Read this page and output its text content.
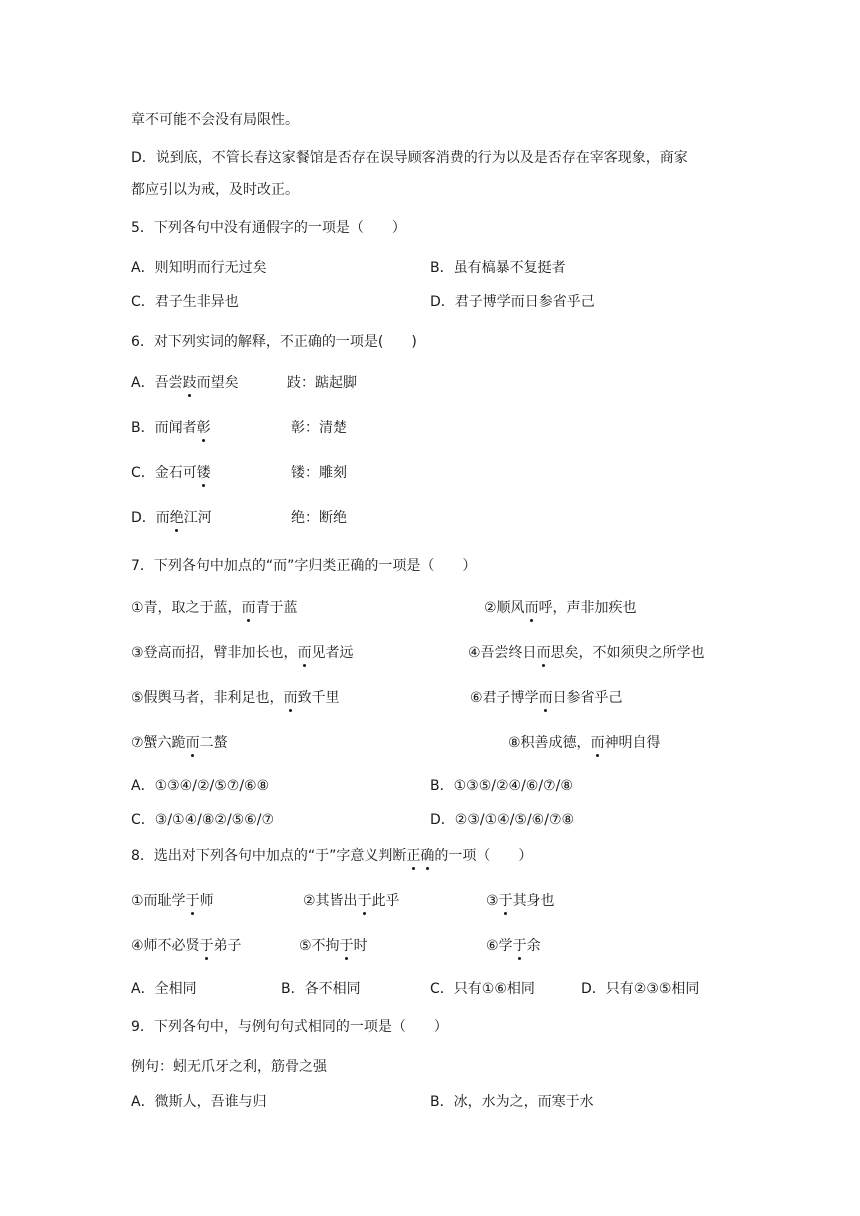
章不可能不会没有局限性。
D．说到底，不管长春这家餐馆是否存在误导顾客消费的行为以及是否存在宰客现象，商家
都应引以为戒，及时改正。
5．下列各句中没有通假字的一项是（　　）
A．则知明而行无过矣	B．虽有槁暴不复挺者
C．君子生非异也	D．君子博学而日参省乎己
6．对下列实词的解释，不正确的一项是(　　)
A．吾尝跂而望矣	跂：踮起脚
B．而闻者彰	彰：清楚
C．金石可镂	镂：雕刻
D．而绝江河	绝：断绝
7．下列各句中加点的“而”字归类正确的一项是（　　）
①青，取之于蓝，而青于蓝	②顺风而呼，声非加疾也
③登高而招，臂非加长也，而见者远	④吾尝终日而思矣，不如须臾之所学也
⑤假舆马者，非利足也，而致千里	⑥君子博学而日参省乎己
⑦蟹六跪而二螯	⑧积善成德，而神明自得
A．①③④/②/⑤⑦/⑥⑧	B．①③⑤/②④/⑥/⑦/⑧
C．③/①④/⑧②/⑤⑥/⑦	D．②③/①④/⑤/⑥/⑦⑧
8．选出对下列各句中加点的“于”字意义判断正确的一项（　　）
①而耻学于师	②其皆出于此乎	③于其身也
④师不必贤于弟子	⑤不拘于时	⑥学于余
A．全相同	B．各不相同	C．只有①⑥相同	D．只有②③⑤相同
9．下列各句中，与例句句式相同的一项是（　　）
例句：蚓无爪牙之利，筋骨之强
A．微斯人，吾谁与归	B．冰，水为之，而寒于水
